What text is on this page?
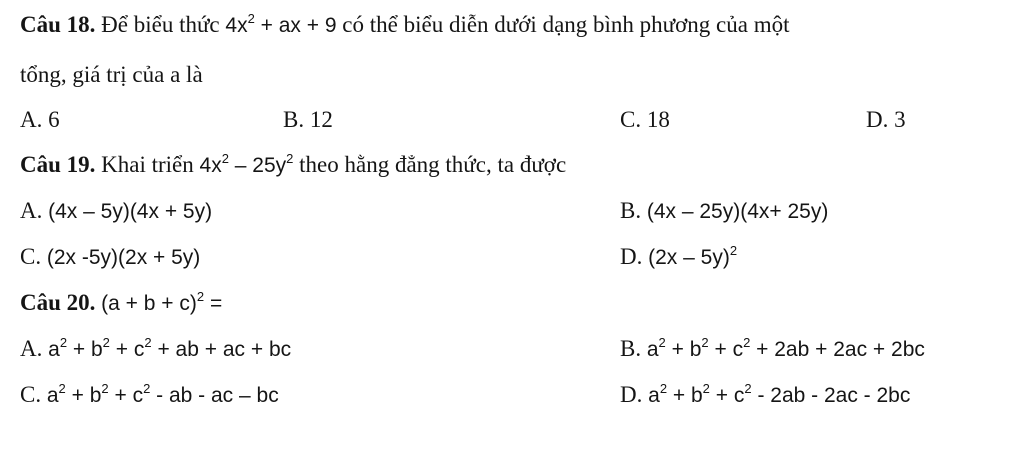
Câu 18. Để biểu thức $4x^2$ + ax + 9 có thể biểu diễn dưới dạng bình phương của một
tổng, giá trị của a là
A. 6	B. 12	C. 18	D. 3
Câu 19. Khai triển $4x^2 - 25y^2$ theo hằng đẳng thức, ta được
A. (4x – 5y)(4x + 5y)	B. (4x – 25y)(4x+ 25y)
C. (2x -5y)(2x + 5y)	D. (2x – 5y)$^2$
Câu 20. $(a + b + c)^2$ =
A. $a^2 + b^2 + c^2$ + ab + ac + bc	B. $a^2 + b^2 + c^2 + 2ab + 2ac + 2bc$
C. $a^2 + b^2 + c^2$ - ab - ac – bc	D. $a^2 + b^2 + c^2 - 2ab - 2ac - 2bc$
